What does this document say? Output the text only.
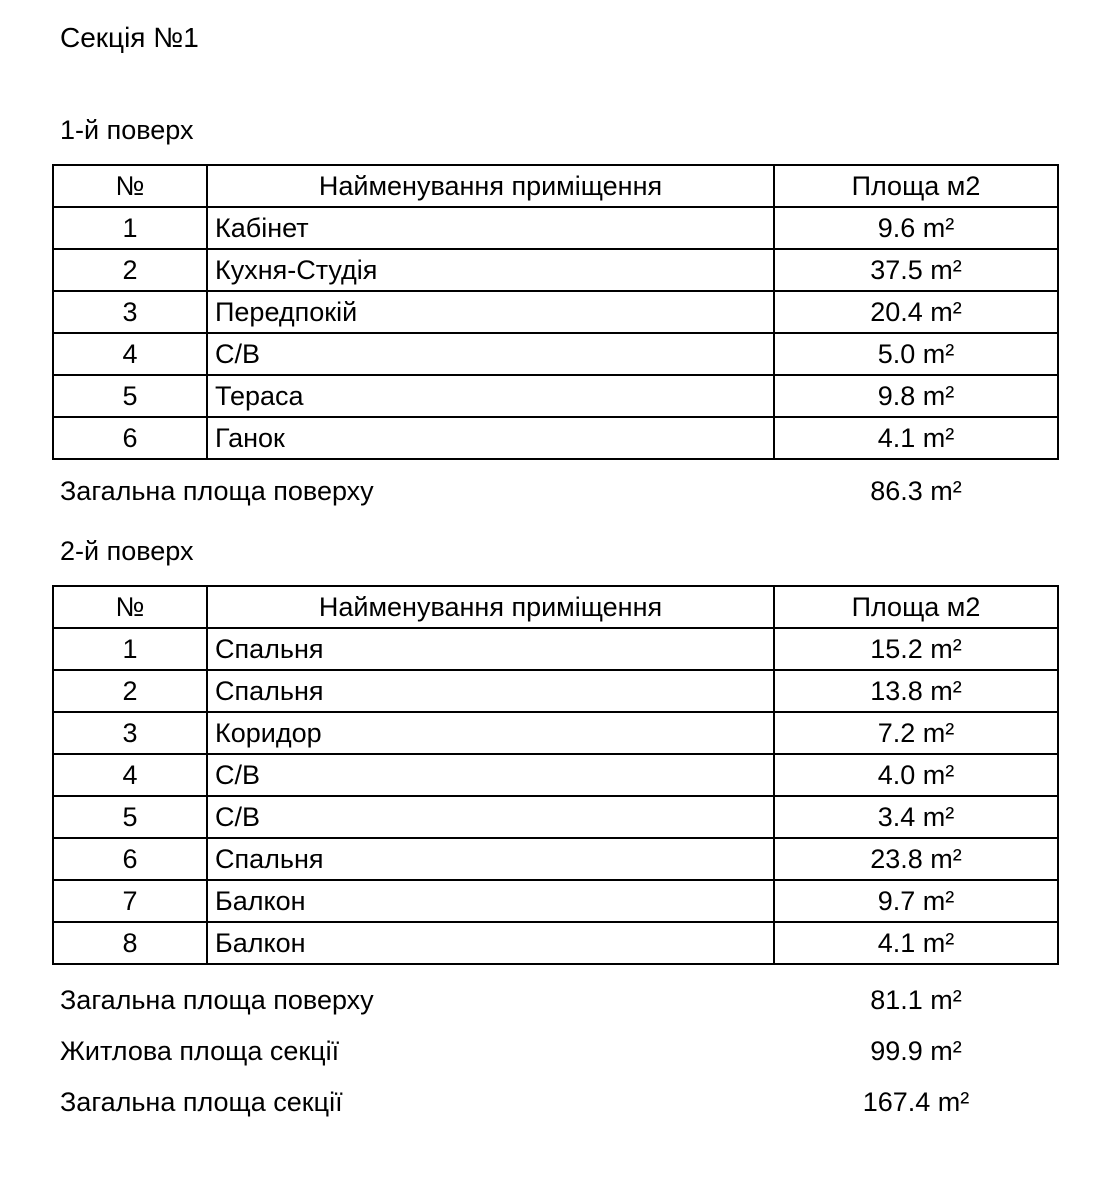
Секція №1
1-й поверх
№	Найменування приміщення	Площа м2
1	Кабінет	9.6 m²
2	Кухня-Студія	37.5 m²
3	Передпокій	20.4 m²
4	С/В	5.0 m²
5	Тераса	9.8 m²
6	Ганок	4.1 m²
Загальна площа поверху	86.3 m²
2-й поверх
№	Найменування приміщення	Площа м2
1	Спальня	15.2 m²
2	Спальня	13.8 m²
3	Коридор	7.2 m²
4	С/В	4.0 m²
5	С/В	3.4 m²
6	Спальня	23.8 m²
7	Балкон	9.7 m²
8	Балкон	4.1 m²
Загальна площа поверху	81.1 m²
Житлова площа секції	99.9 m²
Загальна площа секції	167.4 m²
